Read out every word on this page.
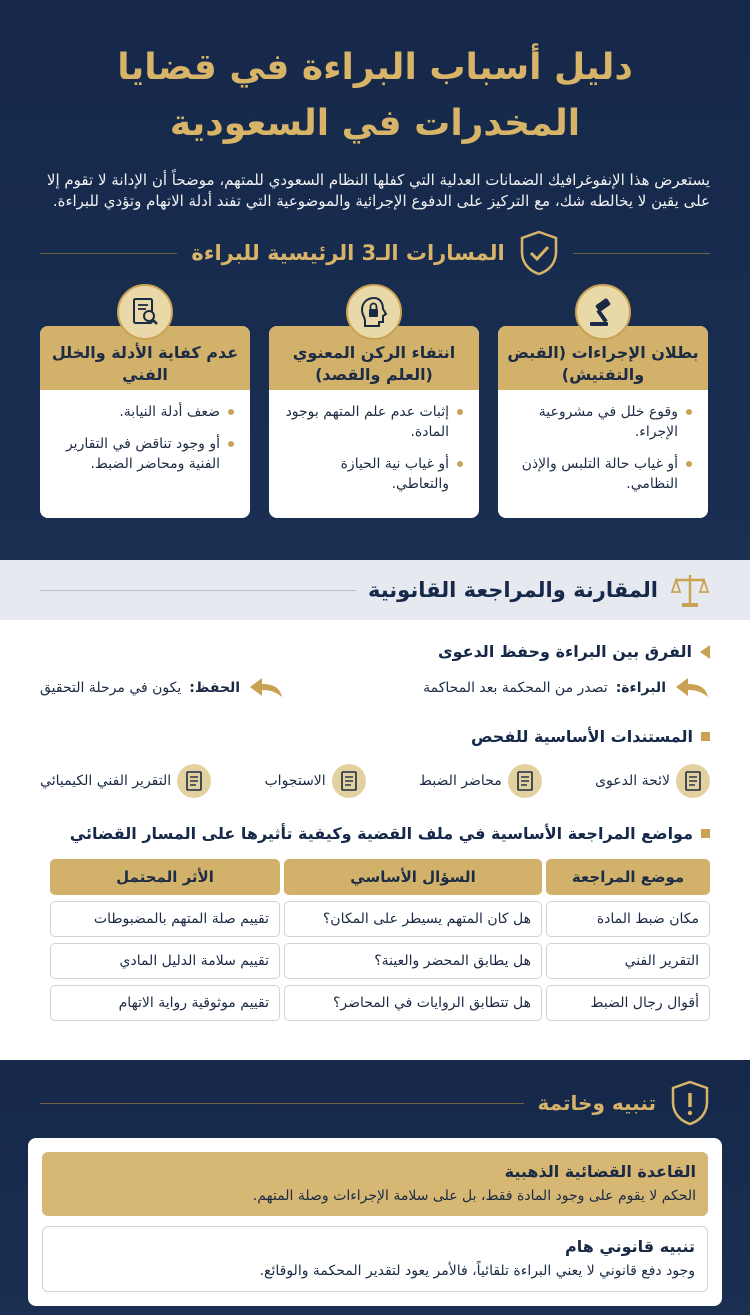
دليل أسباب البراءة في قضايا
المخدرات في السعودية

يستعرض هذا الإنفوغرافيك الضمانات العدلية التي كفلها النظام السعودي للمتهم، موضحاً أن الإدانة لا تقوم إلا على يقين لا يخالطه شك، مع التركيز على الدفوع الإجرائية والموضوعية التي تفند أدلة الاتهام وتؤدي للبراءة.

المسارات الـ3 الرئيسية للبراءة
بطلان الإجراءات (القبض والتفتيش)
وقوع خلل في مشروعية الإجراء.
أو غياب حالة التلبس والإذن النظامي.
انتفاء الركن المعنوي (العلم والقصد)
إثبات عدم علم المتهم بوجود المادة.
أو غياب نية الحيازة والتعاطي.
عدم كفاية الأدلة والخلل الفني
ضعف أدلة النيابة.
أو وجود تناقض في التقارير الفنية ومحاضر الضبط.
المقارنة والمراجعة القانونية
الفرق بين البراءة وحفظ الدعوى
البراءة:
تصدر من المحكمة بعد المحاكمة
الحفظ:
يكون في مرحلة التحقيق
المستندات الأساسية للفحص
لائحة الدعوى
محاضر الضبط
الاستجواب
التقرير الفني الكيميائي
مواضع المراجعة الأساسية في ملف القضية وكيفية تأثيرها على المسار القضائي
موضع المراجعة	السؤال الأساسي	الأثر المحتمل
مكان ضبط المادة	هل كان المتهم يسيطر على المكان؟	تقييم صلة المتهم بالمضبوطات
التقرير الفني	هل يطابق المحضر والعينة؟	تقييم سلامة الدليل المادي
أقوال رجال الضبط	هل تتطابق الروايات في المحاضر؟	تقييم موثوقية رواية الاتهام
تنبيه وخاتمة
القاعدة القضائية الذهبية
الحكم لا يقوم على وجود المادة فقط، بل على سلامة الإجراءات وصلة المتهم.
تنبيه قانوني هام
وجود دفع قانوني لا يعني البراءة تلقائياً، فالأمر يعود لتقدير المحكمة والوقائع.
